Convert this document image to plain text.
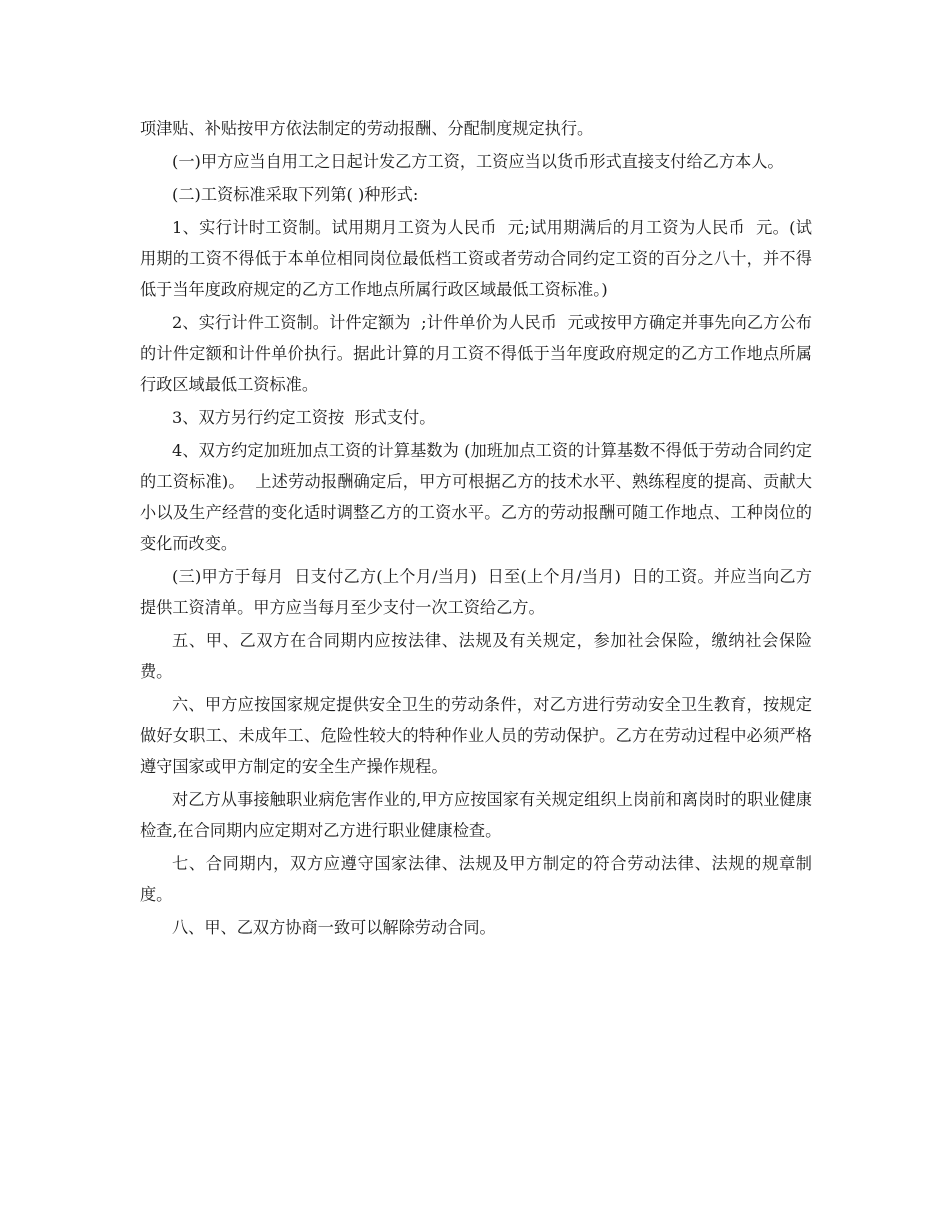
项津贴、补贴按甲方依法制定的劳动报酬、分配制度规定执行。

(一)甲方应当自用工之日起计发乙方工资，工资应当以货币形式直接支付给乙方本人。

(二)工资标准采取下列第( )种形式:

1、实行计时工资制。试用期月工资为人民币  元;试用期满后的月工资为人民币  元。(试用期的工资不得低于本单位相同岗位最低档工资或者劳动合同约定工资的百分之八十，并不得低于当年度政府规定的乙方工作地点所属行政区域最低工资标准。)

2、实行计件工资制。计件定额为  ;计件单价为人民币  元或按甲方确定并事先向乙方公布的计件定额和计件单价执行。据此计算的月工资不得低于当年度政府规定的乙方工作地点所属行政区域最低工资标准。

3、双方另行约定工资按  形式支付。

4、双方约定加班加点工资的计算基数为 (加班加点工资的计算基数不得低于劳动合同约定的工资标准)。  上述劳动报酬确定后，甲方可根据乙方的技术水平、熟练程度的提高、贡献大小以及生产经营的变化适时调整乙方的工资水平。乙方的劳动报酬可随工作地点、工种岗位的变化而改变。

(三)甲方于每月  日支付乙方(上个月/当月)  日至(上个月/当月)  日的工资。并应当向乙方提供工资清单。甲方应当每月至少支付一次工资给乙方。

五、甲、乙双方在合同期内应按法律、法规及有关规定，参加社会保险，缴纳社会保险费。

六、甲方应按国家规定提供安全卫生的劳动条件，对乙方进行劳动安全卫生教育，按规定做好女职工、未成年工、危险性较大的特种作业人员的劳动保护。乙方在劳动过程中必须严格遵守国家或甲方制定的安全生产操作规程。

对乙方从事接触职业病危害作业的,甲方应按国家有关规定组织上岗前和离岗时的职业健康检查,在合同期内应定期对乙方进行职业健康检查。

七、合同期内，双方应遵守国家法律、法规及甲方制定的符合劳动法律、法规的规章制度。

八、甲、乙双方协商一致可以解除劳动合同。
